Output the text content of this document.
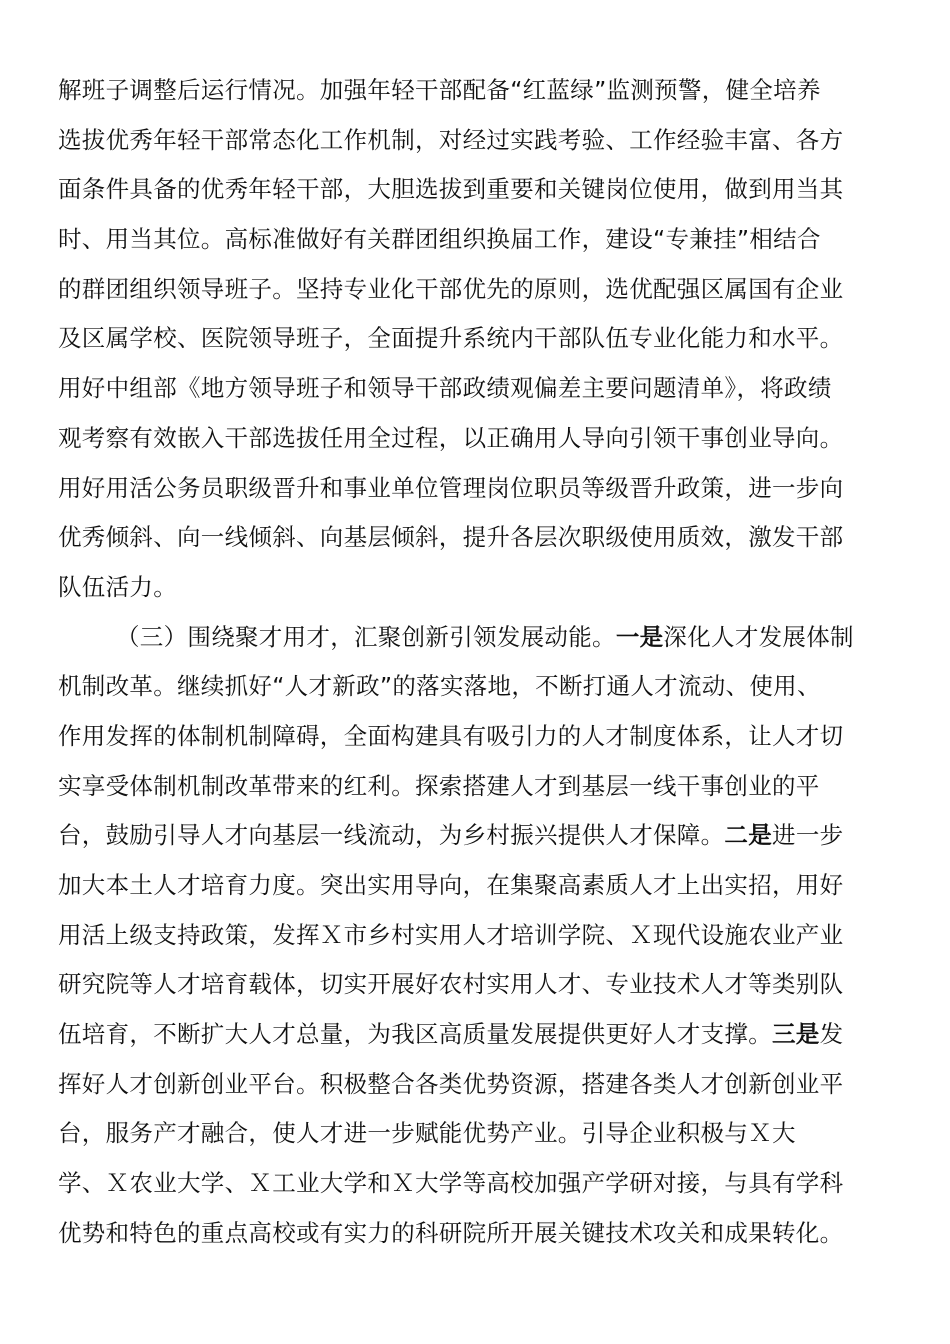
解班子调整后运行情况。加强年轻干部配备“红蓝绿”监测预警，健全培养
选拔优秀年轻干部常态化工作机制，对经过实践考验、工作经验丰富、各方
面条件具备的优秀年轻干部，大胆选拔到重要和关键岗位使用，做到用当其
时、用当其位。高标准做好有关群团组织换届工作，建设“专兼挂”相结合
的群团组织领导班子。坚持专业化干部优先的原则，选优配强区属国有企业
及区属学校、医院领导班子，全面提升系统内干部队伍专业化能力和水平。
用好中组部《地方领导班子和领导干部政绩观偏差主要问题清单》，将政绩
观考察有效嵌入干部选拔任用全过程，以正确用人导向引领干事创业导向。
用好用活公务员职级晋升和事业单位管理岗位职员等级晋升政策，进一步向
优秀倾斜、向一线倾斜、向基层倾斜，提升各层次职级使用质效，激发干部
队伍活力。
（三）围绕聚才用才，汇聚创新引领发展动能。一是深化人才发展体制
机制改革。继续抓好“人才新政”的落实落地，不断打通人才流动、使用、
作用发挥的体制机制障碍，全面构建具有吸引力的人才制度体系，让人才切
实享受体制机制改革带来的红利。探索搭建人才到基层一线干事创业的平
台，鼓励引导人才向基层一线流动，为乡村振兴提供人才保障。二是进一步
加大本土人才培育力度。突出实用导向，在集聚高素质人才上出实招，用好
用活上级支持政策，发挥Ｘ市乡村实用人才培训学院、Ｘ现代设施农业产业
研究院等人才培育载体，切实开展好农村实用人才、专业技术人才等类别队
伍培育，不断扩大人才总量，为我区高质量发展提供更好人才支撑。三是发
挥好人才创新创业平台。积极整合各类优势资源，搭建各类人才创新创业平
台，服务产才融合，使人才进一步赋能优势产业。引导企业积极与Ｘ大
学、Ｘ农业大学、Ｘ工业大学和Ｘ大学等高校加强产学研对接，与具有学科
优势和特色的重点高校或有实力的科研院所开展关键技术攻关和成果转化。
